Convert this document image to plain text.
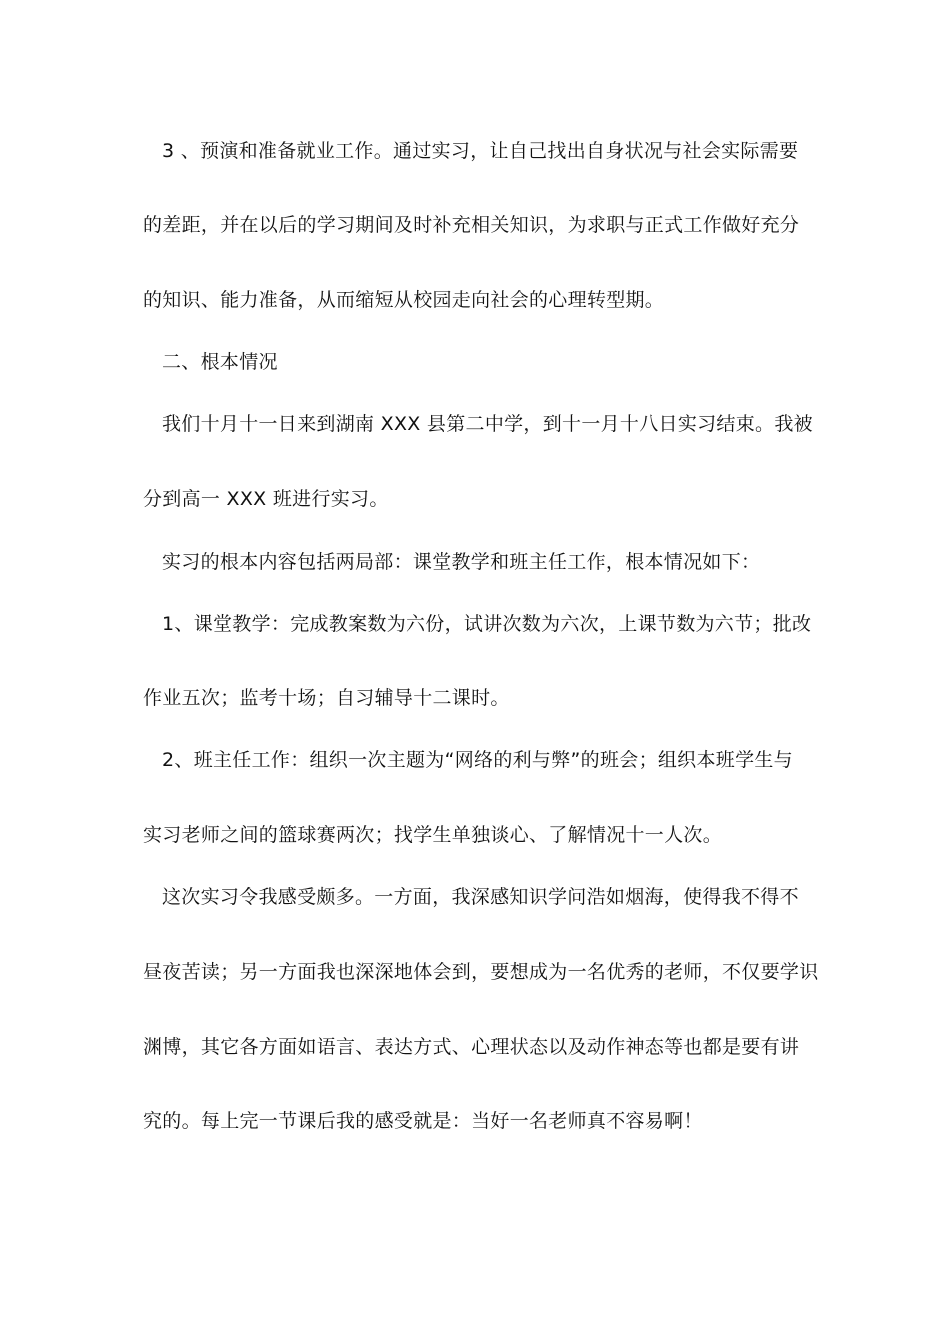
3 、预演和准备就业工作。通过实习，让自己找出自身状况与社会实际需要
的差距，并在以后的学习期间及时补充相关知识，为求职与正式工作做好充分
的知识、能力准备，从而缩短从校园走向社会的心理转型期。
二、根本情况
我们十月十一日来到湖南 XXX 县第二中学，到十一月十八日实习结束。我被
分到高一 XXX 班进行实习。
实习的根本内容包括两局部：课堂教学和班主任工作，根本情况如下：
1、课堂教学：完成教案数为六份，试讲次数为六次，上课节数为六节；批改
作业五次；监考十场；自习辅导十二课时。
2、班主任工作：组织一次主题为“网络的利与弊”的班会；组织本班学生与
实习老师之间的篮球赛两次；找学生单独谈心、了解情况十一人次。
这次实习令我感受颇多。一方面，我深感知识学问浩如烟海，使得我不得不
昼夜苦读；另一方面我也深深地体会到，要想成为一名优秀的老师，不仅要学识
渊博，其它各方面如语言、表达方式、心理状态以及动作神态等也都是要有讲
究的。每上完一节课后我的感受就是：当好一名老师真不容易啊！
